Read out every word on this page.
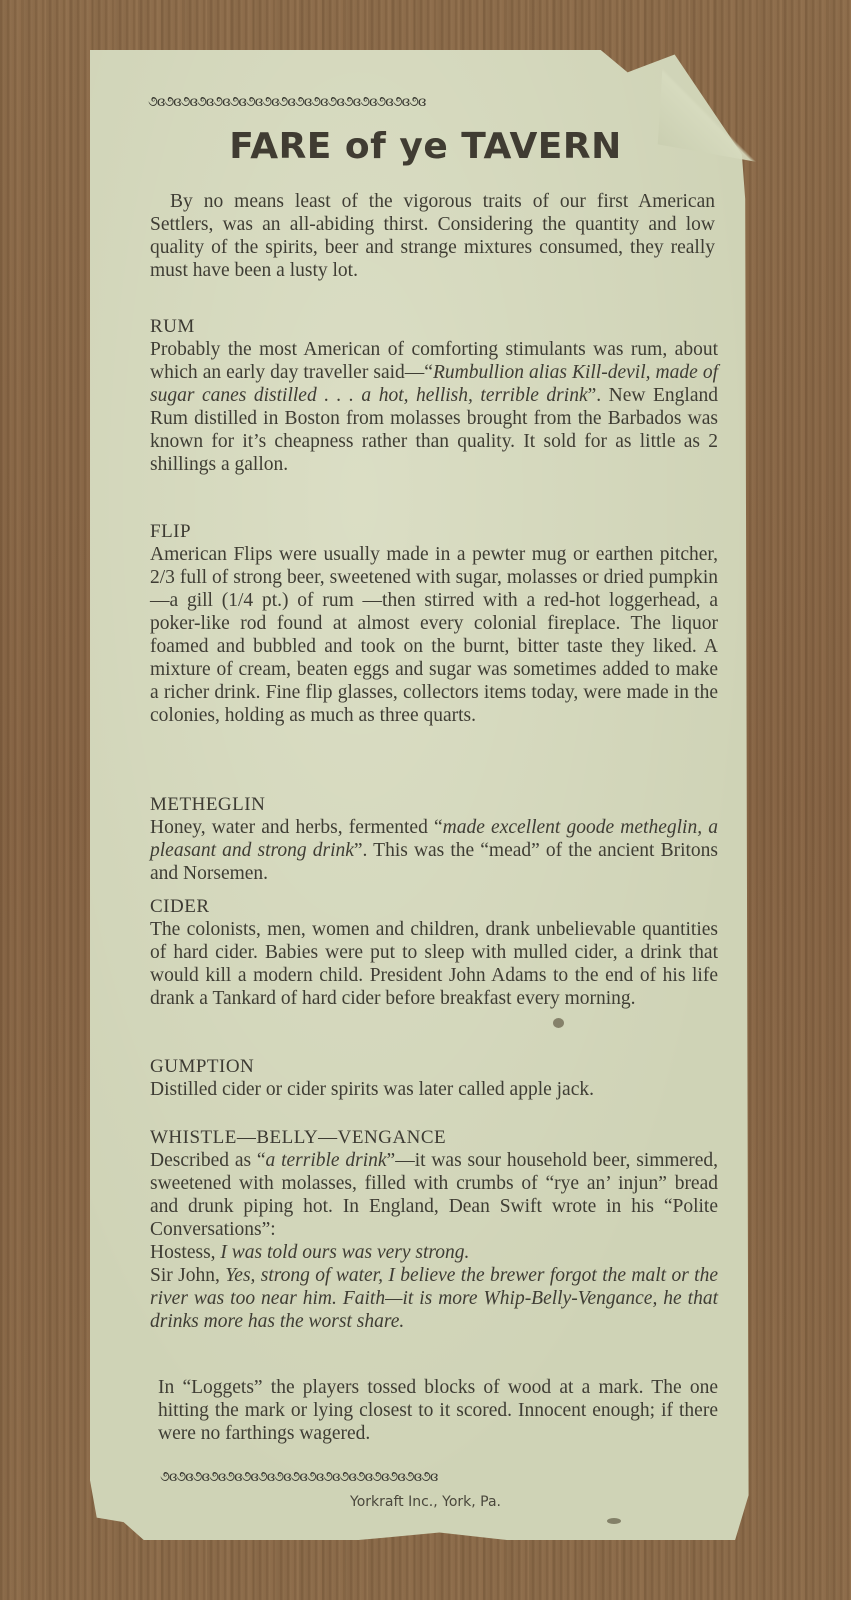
૭ɞ૭ɞ૭ɞ૭ɞ૭ɞ૭ɞ૭ɞ૭ɞ૭ɞ૭ɞ૭ɞ૭ɞ૭ɞ૭ɞ૭ɞ૭ɞ૭ɞ
FARE of ye TAVERN

By no means least of the vigorous traits of our first American Settlers, was an all-abiding thirst. Considering the quantity and low quality of the spirits, beer and strange mixtures consumed, they really must have been a lusty lot.

RUM

Probably the most American of comforting stimulants was rum, about which an early day traveller said—“Rumbullion alias Kill-devil, made of sugar canes distilled . . . a hot, hellish, terrible drink”. New England Rum distilled in Boston from molasses brought from the Barbados was known for it’s cheapness rather than quality. It sold for as little as 2 shillings a gallon.

FLIP

American Flips were usually made in a pewter mug or earthen pitcher, 2/3 full of strong beer, sweetened with sugar, molasses or dried pumpkin—a gill (1/4 pt.) of rum —then stirred with a red-hot loggerhead, a poker-like rod found at almost every colonial fireplace. The liquor foamed and bubbled and took on the burnt, bitter taste they liked. A mixture of cream, beaten eggs and sugar was sometimes added to make a richer drink. Fine flip glasses, collectors items today, were made in the colonies, holding as much as three quarts.

METHEGLIN

Honey, water and herbs, fermented “made excellent goode metheglin, a pleasant and strong drink”. This was the “mead” of the ancient Britons and Norsemen.

CIDER

The colonists, men, women and children, drank unbelievable quantities of hard cider. Babies were put to sleep with mulled cider, a drink that would kill a modern child. President John Adams to the end of his life drank a Tankard of hard cider before breakfast every morning.

GUMPTION

Distilled cider or cider spirits was later called apple jack.

WHISTLE—BELLY—VENGANCE

Described as “a terrible drink”—it was sour household beer, simmered, sweetened with molasses, filled with crumbs of “rye an’ injun” bread and drunk piping hot. In England, Dean Swift wrote in his “Polite Conversations”:

Hostess, I was told ours was very strong.

Sir John, Yes, strong of water, I believe the brewer forgot the malt or the river was too near him. Faith—it is more Whip-Belly-Vengance, he that drinks more has the worst share.

In “Loggets” the players tossed blocks of wood at a mark. The one hitting the mark or lying closest to it scored. Innocent enough; if there were no farthings wagered.

૭ɞ૭ɞ૭ɞ૭ɞ૭ɞ૭ɞ૭ɞ૭ɞ૭ɞ૭ɞ૭ɞ૭ɞ૭ɞ૭ɞ૭ɞ૭ɞ૭ɞ
Yorkraft Inc., York, Pa.
